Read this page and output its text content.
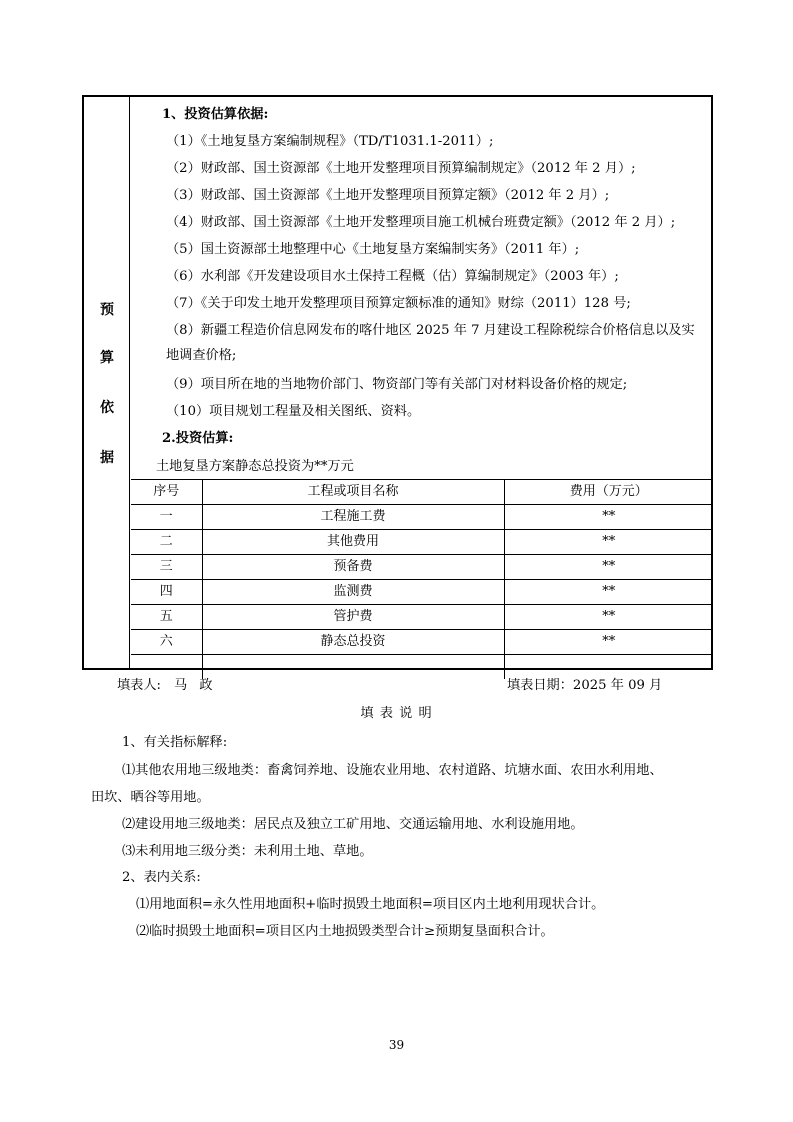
预
算
依
据
1、投资估算依据:
（1）《土地复垦方案编制规程》（TD/T1031.1-2011）;
（2）财政部、国土资源部《土地开发整理项目预算编制规定》（2012 年 2 月）;
（3）财政部、国土资源部《土地开发整理项目预算定额》（2012 年 2 月）;
（4）财政部、国土资源部《土地开发整理项目施工机械台班费定额》（2012 年 2 月）;
（5）国土资源部土地整理中心《土地复垦方案编制实务》（2011 年）;
（6）水利部《开发建设项目水土保持工程概（估）算编制规定》（2003 年）;
（7）《关于印发土地开发整理项目预算定额标准的通知》财综（2011）128 号;
（8）新疆工程造价信息网发布的喀什地区 2025 年 7 月建设工程除税综合价格信息以及实
地调查价格;
（9）项目所在地的当地物价部门、物资部门等有关部门对材料设备价格的规定;
（10）项目规划工程量及相关图纸、资料。
2.投资估算:
土地复垦方案静态总投资为**万元
序号	工程或项目名称	费用（万元）
一	工程施工费	**
二	其他费用	**
三	预备费	**
四	监测费	**
五	管护费	**
六	静态总投资	**

填表人: 马 政	填表日期：2025 年 09 月
填 表 说 明
1、有关指标解释:
⑴其他农用地三级地类：畜禽饲养地、设施农业用地、农村道路、坑塘水面、农田水利用地、
田坎、晒谷等用地。
⑵建设用地三级地类：居民点及独立工矿用地、交通运输用地、水利设施用地。
⑶未利用地三级分类：未利用土地、草地。
2、表内关系:
⑴用地面积=永久性用地面积+临时损毁土地面积=项目区内土地利用现状合计。
⑵临时损毁土地面积=项目区内土地损毁类型合计≥预期复垦面积合计。
39
